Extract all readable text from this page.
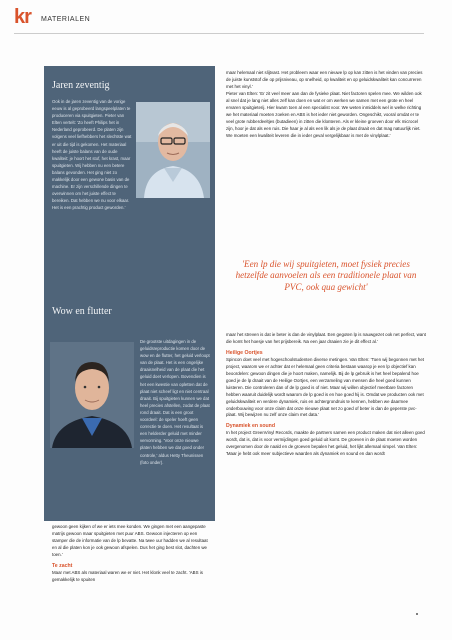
kr MATERIALEN
Jaren zeventig
Ook in de jaren zeventig van de vorige eeuw is al geprobeerd langspeelplaten te produceren via spuitgieten. Pieter van Elten vertelt: 'Zo heeft Philips het in Nederland geprobeerd. De platen zijn volgens veel liefhebbers het slechtste wat er uit die tijd is gekomen. Het materiaal heeft de juiste balans van de oude kwaliteit: je hoort het stof, het krast, maar spuitgieten. Wij hebben nu een betere balans gevonden. Het ging niet zo makkelijk door een gewone basis van de machine. Er zijn verschillende dingen te overwinnen om het juiste effect te bereiken. Dat hebben we nu voor elkaar. Het is een prachtig product geworden.'
Wow en flutter
De grootste uitdagingen in de geluidsreproductie komen door de wow en de flutter, het geluid verloopt van de plaat. Het is een ongelijke draaisnelheid van de plaat die het geluid doet verlopen. Bovendien is het een kwestie van opletten dat de plaat niet scheef ligt en niet centraal draait. Bij spuitgieten kunnen we dat heel precies afstellen, zodat de plaat rond draait. Dat is een groot voordeel: de speler hoeft geen correctie te doen. Het resultaat is een helderder geluid met minder vervorming. 'Voor onze nieuwe platen hebben we dat goed onder controle,' aldus Hetty Theunissen (foto onder).

maar helemaal niet slijtvast. Het probleem waar een nieuwe lp op kan zitten is het vinden van precies de juiste kunststof die op prijsniveau, op snelheid, op kwaliteit en op geluidskwaliteit kan concurreren met het vinyl.'

Pieter van Elten: 'Er zit veel meer aan dan de fysieke plaat. Niet factoren spelen mee. We wilden ook al snel dat je lang niet alles zelf kan doen en wat er om werken we samen met een grote en heel ervaren spuitgieterij. Hier kwam toen al een specialist voor. We weten inmiddels wel in welke richting we het materiaal moeten zoeken en ABS is het ieder niet geworden. Ongeschikt, vooral omdat er te veel grote rubberdeeltjes (butadieen) in zitten die klonteren. Als er kleine groeven door elk microcel zijn, hoor je dat als een ruis. Die haar je al als een lik als je de plaat draait en dat mag natuurlijk niet. We moeten een kwaliteit leveren die in ieder geval vergelijkbaar is met de vinylplaat.'

'Een lp die wij spuitgieten, moet fysiek precies hetzelfde aanvoelen als een traditionele plaat van PVC, ook qua gewicht'

maar het streven is dat ie beter is dan de vinylplaat. Een gegoten lp is nauwgezet ook net perfect, want die komt het hoesje van het prijsbereik. Na een jaar draaien zie je dit effect al.'

Heilige Oortjes

Spincon doet veel met hogeschoolstudenten diverse metingen. Van Elten: 'Toen wij begonnen met het project, waarom we er achter dat er helemaal geen criteria bestaan waarop je een lp objectief kan beoordelen: gewoon dingen die je hoort maken, namelijk. Bij de lp gebruik is het heel bepalend hoe goed je de lp draait van de Heilige Oortjes, een verzameling van mensen die heel goed kunnen luisteren. Die controleren dan of de lp goed is of niet. Maar wij willen objectief meetbare factoren hebben waaruit duidelijk wordt waarom de lp goed is en hoe goed hij is. Omdat we producten ook met geluidskwaliteit en verdere dynamiek, ruis en achtergrondruis te kennen, hebben we daarmee onderbouwing voor onze claim dat onze nieuwe plaat net zo goed of beter is dan de geperste pvc-plaat. Wij bewijzen nu zelf onze claim met data.'

Dynamiek en sound

In het project GreenVinyl Records, maakte de partners samen een product maken dat niet alleen goed wordt, dat is, dat is voor vermijdingen goed geluid uit komt. De groeven in de plaat moeten worden overgenomen door de naald en de groeven bepalen het geluid, het lijkt allemaal simpel. Van Elten: 'Maar je hebt ook meer subjectieve waarden als dynamiek en sound en dan wordt

gewoon geen kijken of we er iets mee konden. We gingen met een aangepaste matrijs gewoon maar spuitgieten met puur ABS. Gewoon injecteren op een stamper die de informatie van de lp bevatte. Na twee uur hadden we al resultaat en al die platen kon je ook gewoon afspelen. Dus het ging best slot, dachten we toen.'

Te zacht

Maar met ABS als materiaal waren we er niet. Het klonk veel te zacht. 'ABS is gemakkelijk te spuiten
